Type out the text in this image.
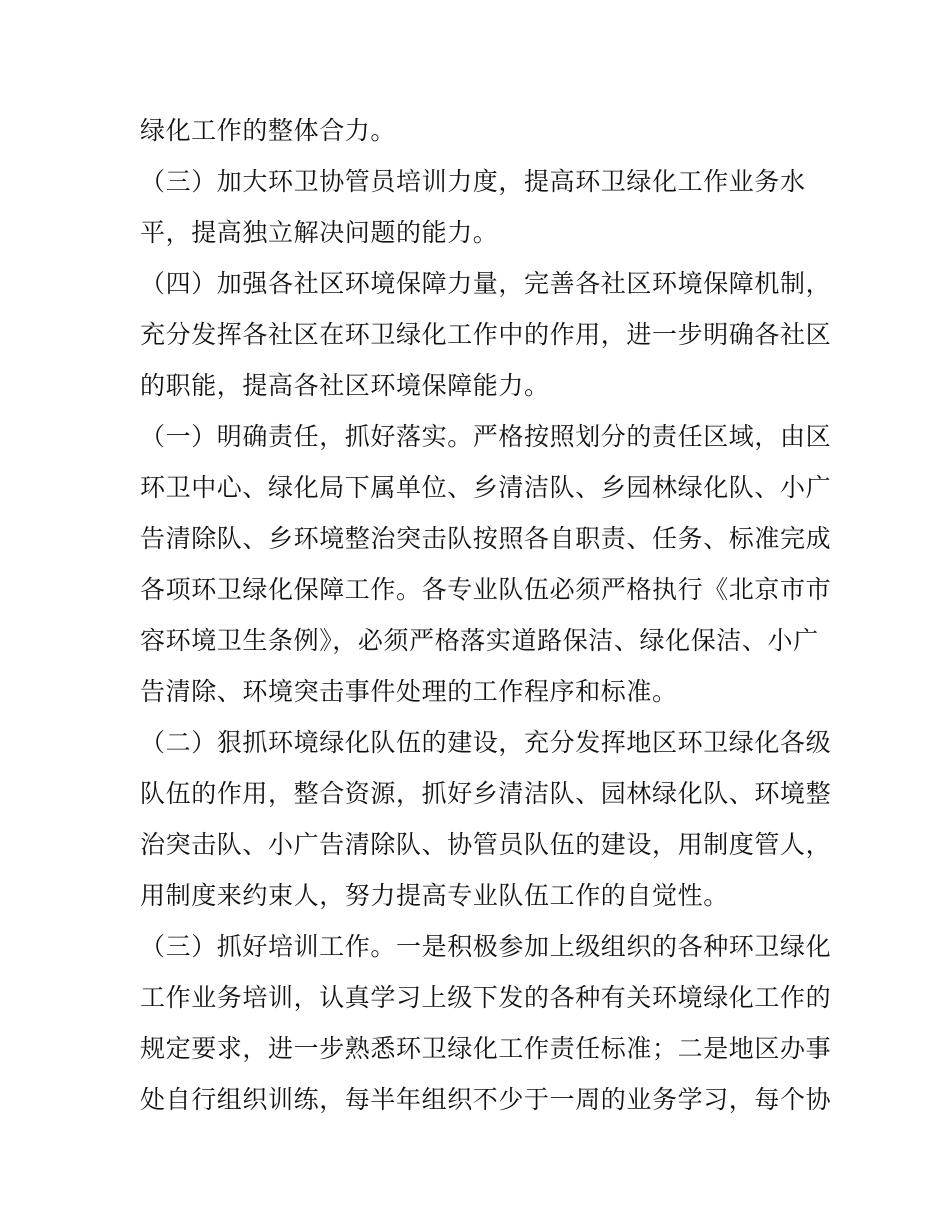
绿化工作的整体合力。
（三）加大环卫协管员培训力度，提高环卫绿化工作业务水
平，提高独立解决问题的能力。
（四）加强各社区环境保障力量，完善各社区环境保障机制，
充分发挥各社区在环卫绿化工作中的作用，进一步明确各社区
的职能，提高各社区环境保障能力。
（一）明确责任，抓好落实。严格按照划分的责任区域，由区
环卫中心、绿化局下属单位、乡清洁队、乡园林绿化队、小广
告清除队、乡环境整治突击队按照各自职责、任务、标准完成
各项环卫绿化保障工作。各专业队伍必须严格执行《北京市市
容环境卫生条例》，必须严格落实道路保洁、绿化保洁、小广
告清除、环境突击事件处理的工作程序和标准。
（二）狠抓环境绿化队伍的建设，充分发挥地区环卫绿化各级
队伍的作用，整合资源，抓好乡清洁队、园林绿化队、环境整
治突击队、小广告清除队、协管员队伍的建设，用制度管人，
用制度来约束人，努力提高专业队伍工作的自觉性。
（三）抓好培训工作。一是积极参加上级组织的各种环卫绿化
工作业务培训，认真学习上级下发的各种有关环境绿化工作的
规定要求，进一步熟悉环卫绿化工作责任标准；二是地区办事
处自行组织训练，每半年组织不少于一周的业务学习，每个协
